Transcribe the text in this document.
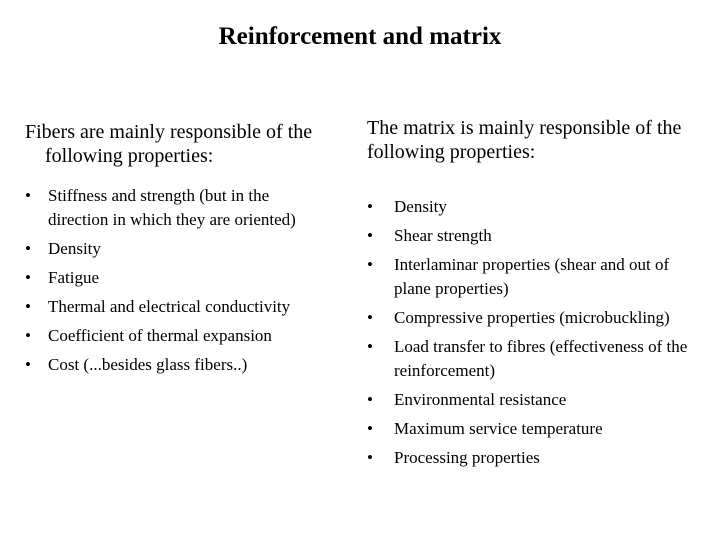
Reinforcement and matrix
Fibers are mainly responsible of the following properties:
• Stiffness and strength (but in the direction in which they are oriented)
• Density
• Fatigue
• Thermal and electrical conductivity
• Coefficient of thermal expansion
• Cost (...besides glass fibers..)
The matrix is mainly responsible of the following properties:
• Density
• Shear strength
• Interlaminar properties (shear and out of plane properties)
• Compressive properties (microbuckling)
• Load transfer to fibres (effectiveness of the reinforcement)
• Environmental resistance
• Maximum service temperature
• Processing properties
